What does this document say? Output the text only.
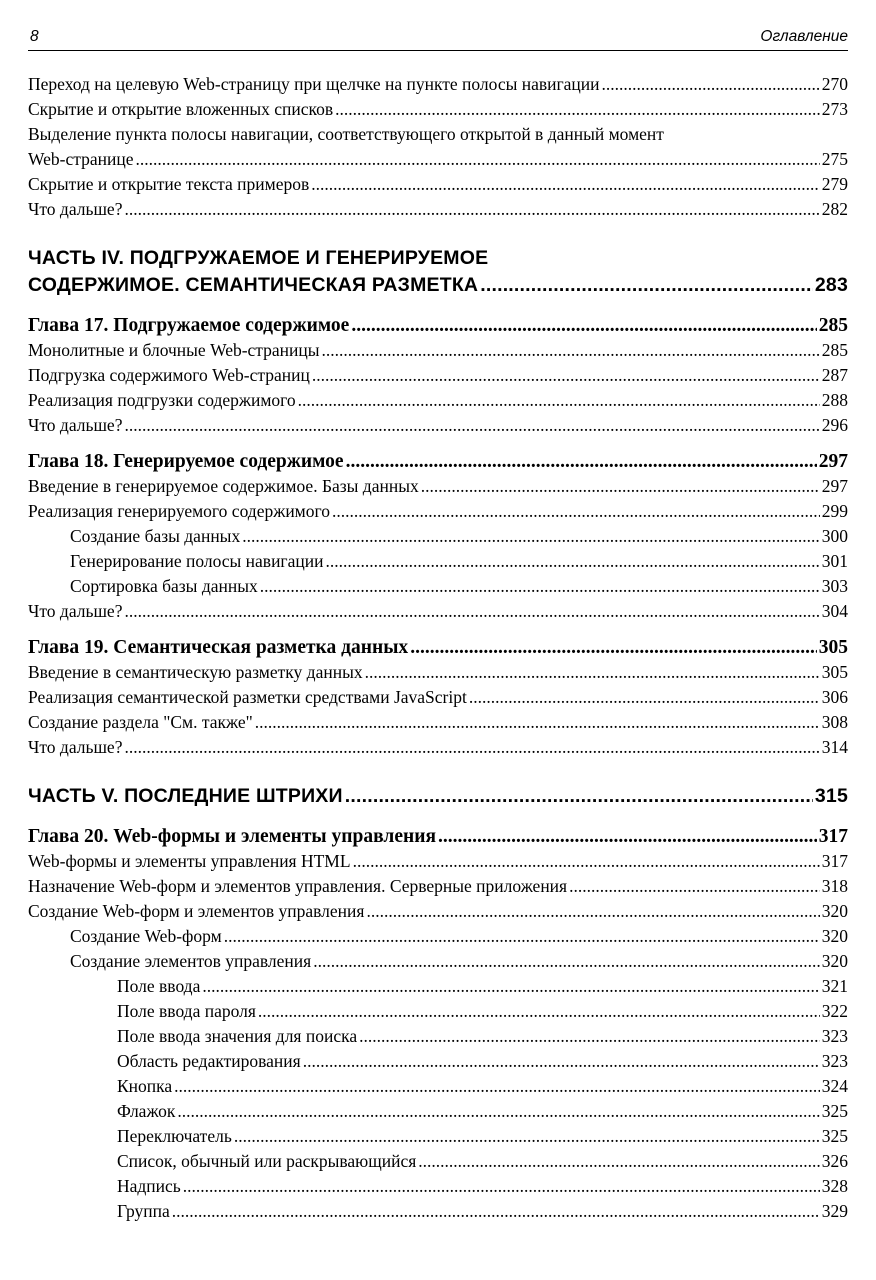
8	Оглавление
Переход на целевую Web-страницу при щелчке на пункте полосы навигации .....	270
Скрытие и открытие вложенных списков .....	273
Выделение пункта полосы навигации, соответствующего открытой в данный момент
Web-странице .....	275
Скрытие и открытие текста примеров .....	279
Что дальше? .....	282
ЧАСТЬ IV. ПОДГРУЖАЕМОЕ И ГЕНЕРИРУЕМОЕ
СОДЕРЖИМОЕ. СЕМАНТИЧЕСКАЯ РАЗМЕТКА .....	283
Глава 17. Подгружаемое содержимое .....	285
Монолитные и блочные Web-страницы .....	285
Подгрузка содержимого Web-страниц .....	287
Реализация подгрузки содержимого .....	288
Что дальше? .....	296
Глава 18. Генерируемое содержимое .....	297
Введение в генерируемое содержимое. Базы данных .....	297
Реализация генерируемого содержимого .....	299
Создание базы данных .....	300
Генерирование полосы навигации .....	301
Сортировка базы данных .....	303
Что дальше? .....	304
Глава 19. Семантическая разметка данных .....	305
Введение в семантическую разметку данных .....	305
Реализация семантической разметки средствами JavaScript .....	306
Создание раздела "См. также" .....	308
Что дальше? .....	314
ЧАСТЬ V. ПОСЛЕДНИЕ ШТРИХИ .....	315
Глава 20. Web-формы и элементы управления .....	317
Web-формы и элементы управления HTML .....	317
Назначение Web-форм и элементов управления. Серверные приложения .....	318
Создание Web-форм и элементов управления .....	320
Создание Web-форм .....	320
Создание элементов управления .....	320
Поле ввода .....	321
Поле ввода пароля .....	322
Поле ввода значения для поиска .....	323
Область редактирования .....	323
Кнопка .....	324
Флажок .....	325
Переключатель .....	325
Список, обычный или раскрывающийся .....	326
Надпись .....	328
Группа .....	329
